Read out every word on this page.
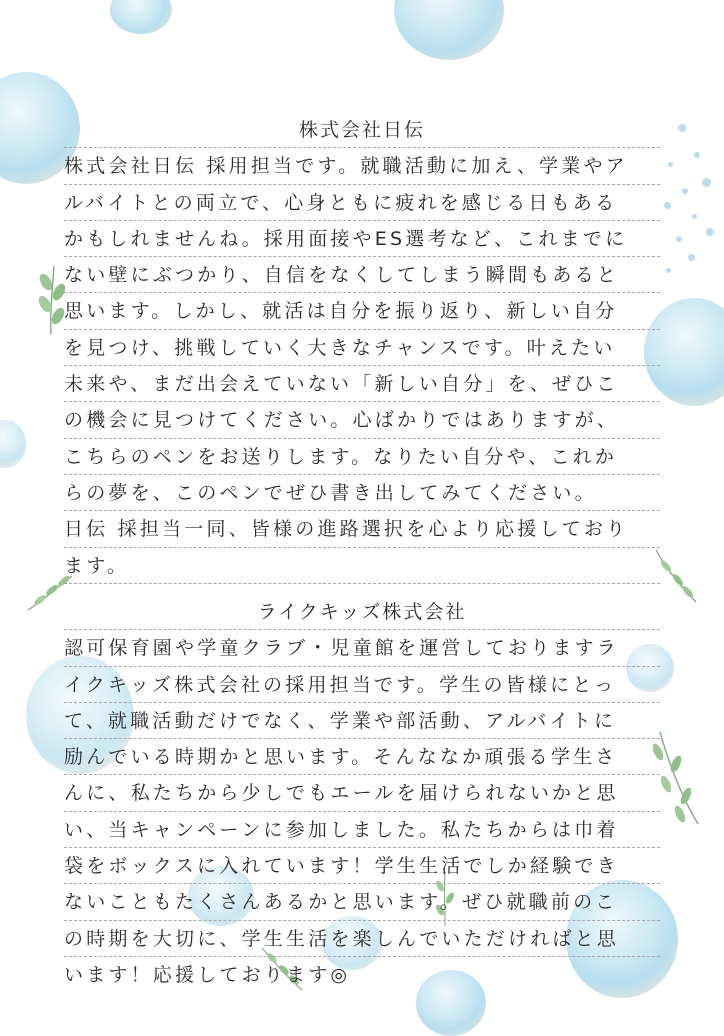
株式会社日伝
株式会社日伝 採用担当です。就職活動に加え、学業やア
ルバイトとの両立で、心身ともに疲れを感じる日もある
かもしれませんね。採用面接やES選考など、これまでに
ない壁にぶつかり、自信をなくしてしまう瞬間もあると
思います。しかし、就活は自分を振り返り、新しい自分
を見つけ、挑戦していく大きなチャンスです。叶えたい
未来や、まだ出会えていない「新しい自分」を、ぜひこ
の機会に見つけてください。心ばかりではありますが、
こちらのペンをお送りします。なりたい自分や、これか
らの夢を、このペンでぜひ書き出してみてください。
日伝 採担当一同、皆様の進路選択を心より応援しており
ます。
ライクキッズ株式会社
認可保育園や学童クラブ・児童館を運営しておりますラ
イクキッズ株式会社の採用担当です。学生の皆様にとっ
て、就職活動だけでなく、学業や部活動、アルバイトに
励んでいる時期かと思います。そんななか頑張る学生さ
んに、私たちから少しでもエールを届けられないかと思
い、当キャンペーンに参加しました。私たちからは巾着
袋をボックスに入れています！学生生活でしか経験でき
ないこともたくさんあるかと思います。ぜひ就職前のこ
の時期を大切に、学生生活を楽しんでいただければと思
います！応援しております◎
